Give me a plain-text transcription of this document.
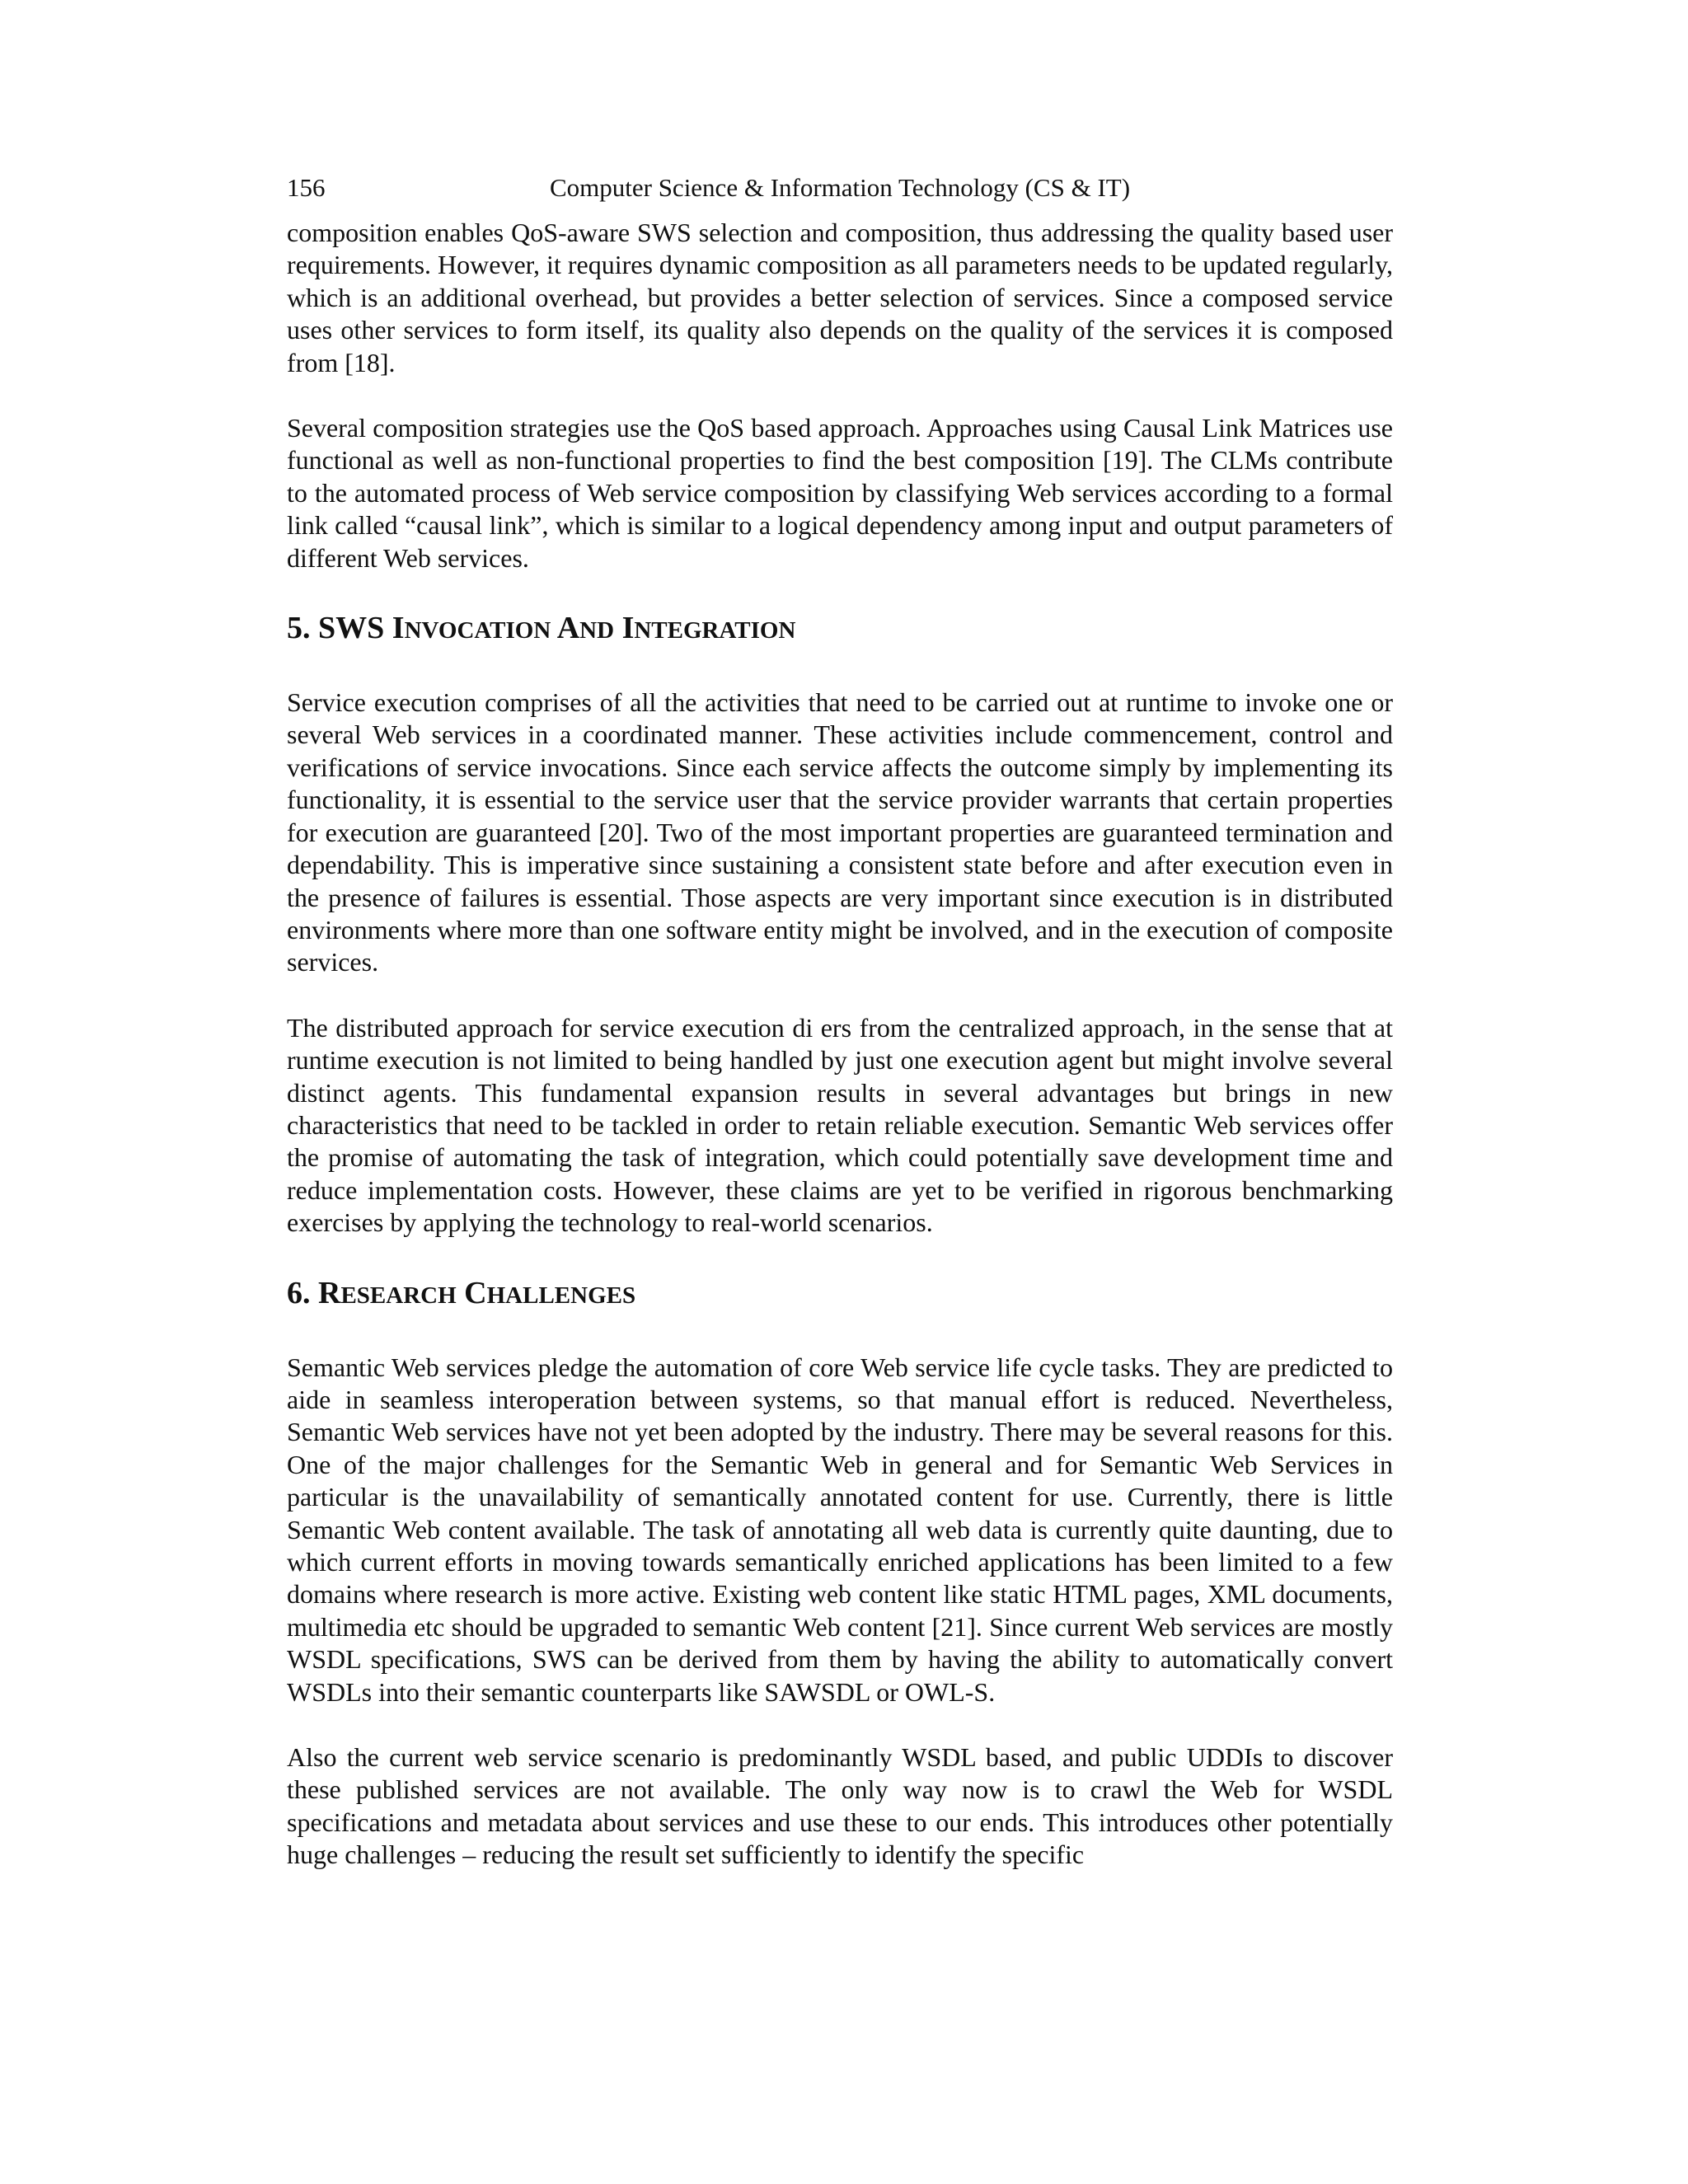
156	Computer Science & Information Technology (CS & IT)

composition enables QoS-aware SWS selection and composition, thus addressing the quality based user requirements. However, it requires dynamic composition as all parameters needs to be updated regularly, which is an additional overhead, but provides a better selection of services. Since a composed service uses other services to form itself, its quality also depends on the quality of the services it is composed from [18].

Several composition strategies use the QoS based approach. Approaches using Causal Link Matrices use functional as well as non-functional properties to find the best composition [19]. The CLMs contribute to the automated process of Web service composition by classifying Web services according to a formal link called “causal link”, which is similar to a logical dependency among input and output parameters of different Web services.

5. SWS INVOCATION AND INTEGRATION

Service execution comprises of all the activities that need to be carried out at runtime to invoke one or several Web services in a coordinated manner. These activities include commencement, control and verifications of service invocations. Since each service affects the outcome simply by implementing its functionality, it is essential to the service user that the service provider warrants that certain properties for execution are guaranteed [20]. Two of the most important properties are guaranteed termination and dependability. This is imperative since sustaining a consistent state before and after execution even in the presence of failures is essential. Those aspects are very important since execution is in distributed environments where more than one software entity might be involved, and in the execution of composite services.

The distributed approach for service execution di ers from the centralized approach, in the sense that at runtime execution is not limited to being handled by just one execution agent but might involve several distinct agents. This fundamental expansion results in several advantages but brings in new characteristics that need to be tackled in order to retain reliable execution. Semantic Web services offer the promise of automating the task of integration, which could potentially save development time and reduce implementation costs. However, these claims are yet to be verified in rigorous benchmarking exercises by applying the technology to real-world scenarios.

6. RESEARCH CHALLENGES

Semantic Web services pledge the automation of core Web service life cycle tasks. They are predicted to aide in seamless interoperation between systems, so that manual effort is reduced. Nevertheless, Semantic Web services have not yet been adopted by the industry. There may be several reasons for this. One of the major challenges for the Semantic Web in general and for Semantic Web Services in particular is the unavailability of semantically annotated content for use. Currently, there is little Semantic Web content available. The task of annotating all web data is currently quite daunting, due to which current efforts in moving towards semantically enriched applications has been limited to a few domains where research is more active. Existing web content like static HTML pages, XML documents, multimedia etc should be upgraded to semantic Web content [21]. Since current Web services are mostly WSDL specifications, SWS can be derived from them by having the ability to automatically convert WSDLs into their semantic counterparts like SAWSDL or OWL-S.

Also the current web service scenario is predominantly WSDL based, and public UDDIs to discover these published services are not available. The only way now is to crawl the Web for WSDL specifications and metadata about services and use these to our ends. This introduces other potentially huge challenges – reducing the result set sufficiently to identify the specific
